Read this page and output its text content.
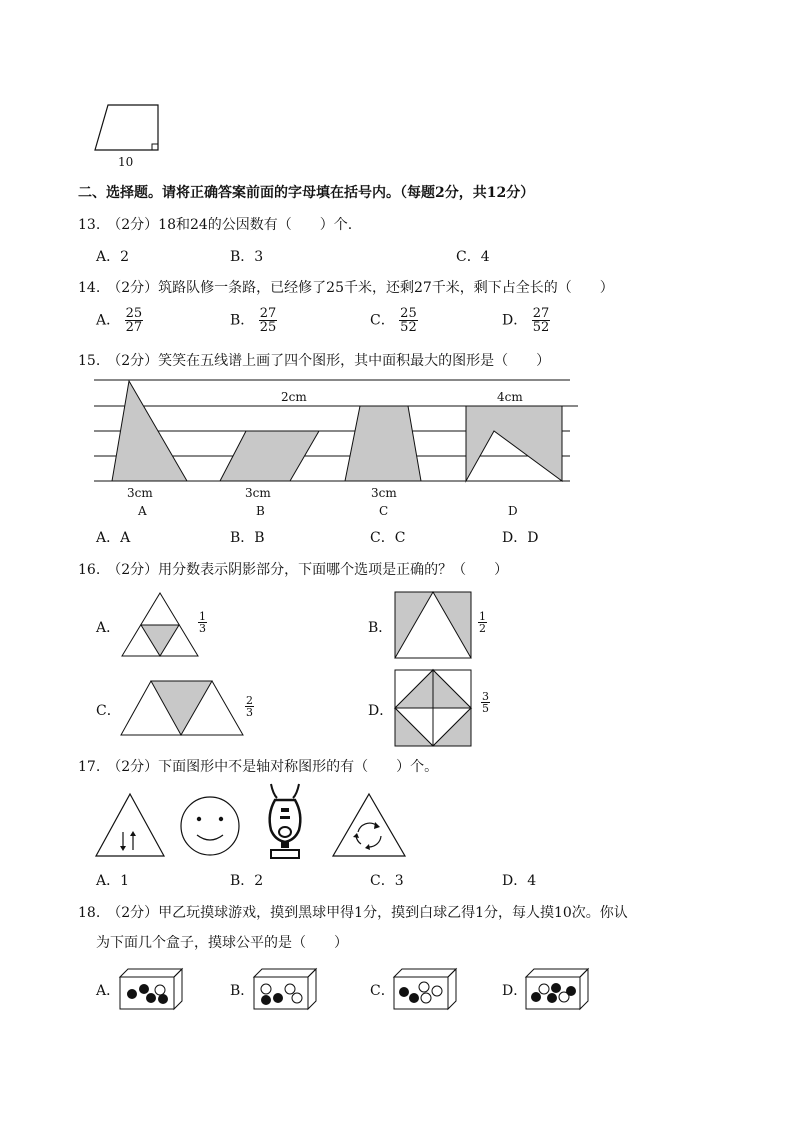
10
二、选择题。请将正确答案前面的字母填在括号内。（每题2分，共12分）
13.　（2分）18和24的公因数有（　　）个.
A．2	B．3	C．4
14.　（2分）筑路队修一条路，已经修了25千米，还剩27千米，剩下占全长的（　　）
A． $\frac{25}{27}$	B． $\frac{27}{25}$	C． $\frac{25}{52}$	D． $\frac{27}{52}$
15.　（2分）笑笑在五线谱上画了四个图形，其中面积最大的图形是（　　）
2cm	4cm
3cm	3cm	3cm
A	B	C	D
A．A	B．B	C．C	D．D
16.　（2分）用分数表示阴影部分，下面哪个选项是正确的？（　　）
A．	$\frac{1}{3}$	B．	$\frac{1}{2}$
C．	$\frac{2}{3}$	D．	$\frac{3}{5}$
17.　（2分）下面图形中不是轴对称图形的有（　　）个。
A．1	B．2	C．3	D．4
18.　（2分）甲乙玩摸球游戏，摸到黑球甲得1分，摸到白球乙得1分，每人摸10次。你认
为下面几个盒子，摸球公平的是（　　）
A．	B．	C．	D．
